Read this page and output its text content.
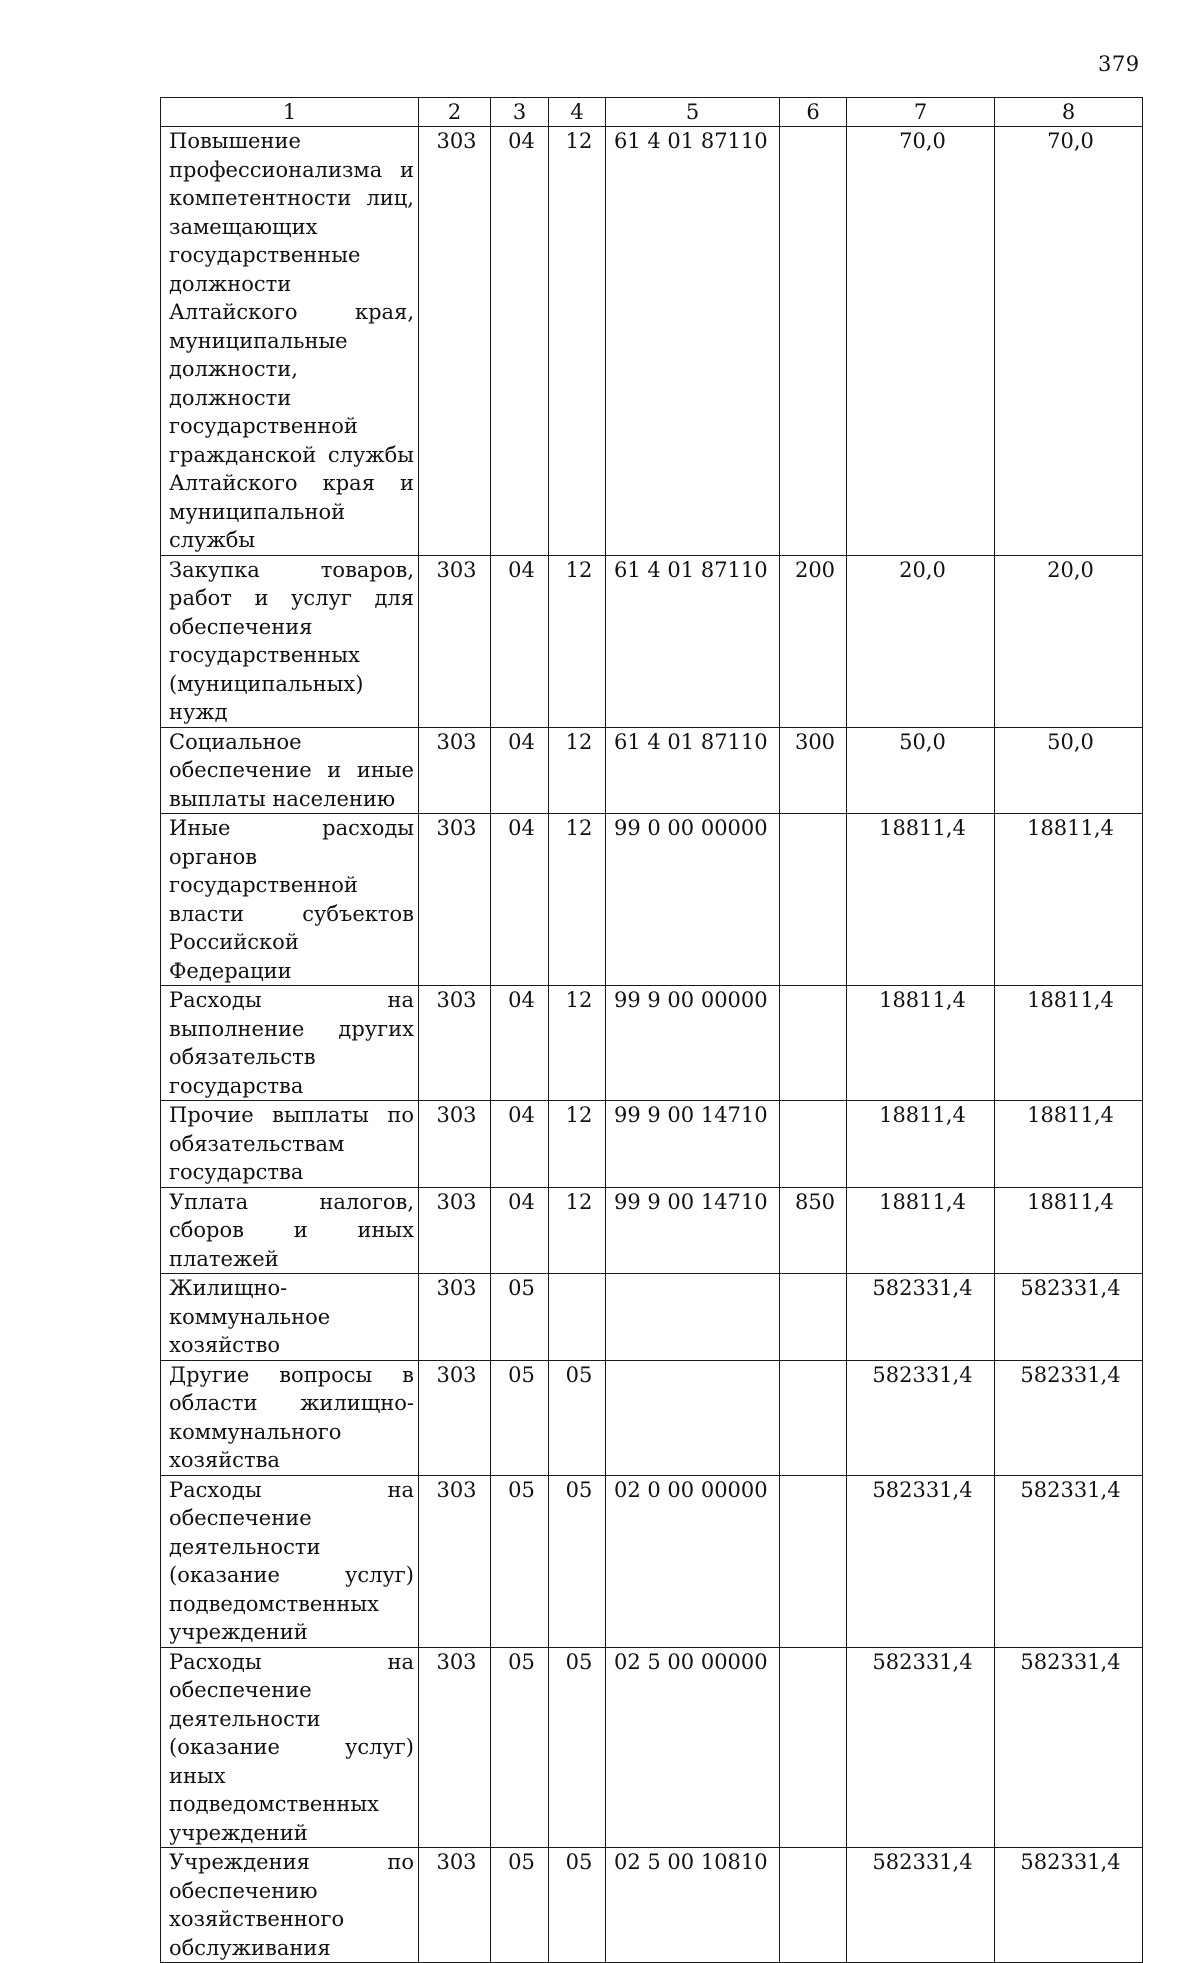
379
1	2	3	4	5	6	7	8
Повышение профессионализма и компетентности лиц, замещающих государственные должности Алтайского края, муниципальные должности, должности государственной гражданской службы Алтайского края и муниципальной службы	303	04	12	61 4 01 87110		70,0	70,0
Закупка товаров, работ и услуг для обеспечения государственных (муниципальных) нужд	303	04	12	61 4 01 87110	200	20,0	20,0
Социальное обеспечение и иные выплаты населению	303	04	12	61 4 01 87110	300	50,0	50,0
Иные расходы органов государственной власти субъектов Российской Федерации	303	04	12	99 0 00 00000		18811,4	18811,4
Расходы на выполнение других обязательств государства	303	04	12	99 9 00 00000		18811,4	18811,4
Прочие выплаты по обязательствам государства	303	04	12	99 9 00 14710		18811,4	18811,4
Уплата налогов, сборов и иных платежей	303	04	12	99 9 00 14710	850	18811,4	18811,4
Жилищно-коммунальное хозяйство	303	05				582331,4	582331,4
Другие вопросы в области жилищно-коммунального хозяйства	303	05	05			582331,4	582331,4
Расходы на обеспечение деятельности (оказание услуг) подведомственных учреждений	303	05	05	02 0 00 00000		582331,4	582331,4
Расходы на обеспечение деятельности (оказание услуг) иных подведомственных учреждений	303	05	05	02 5 00 00000		582331,4	582331,4
Учреждения по обеспечению хозяйственного обслуживания	303	05	05	02 5 00 10810		582331,4	582331,4
